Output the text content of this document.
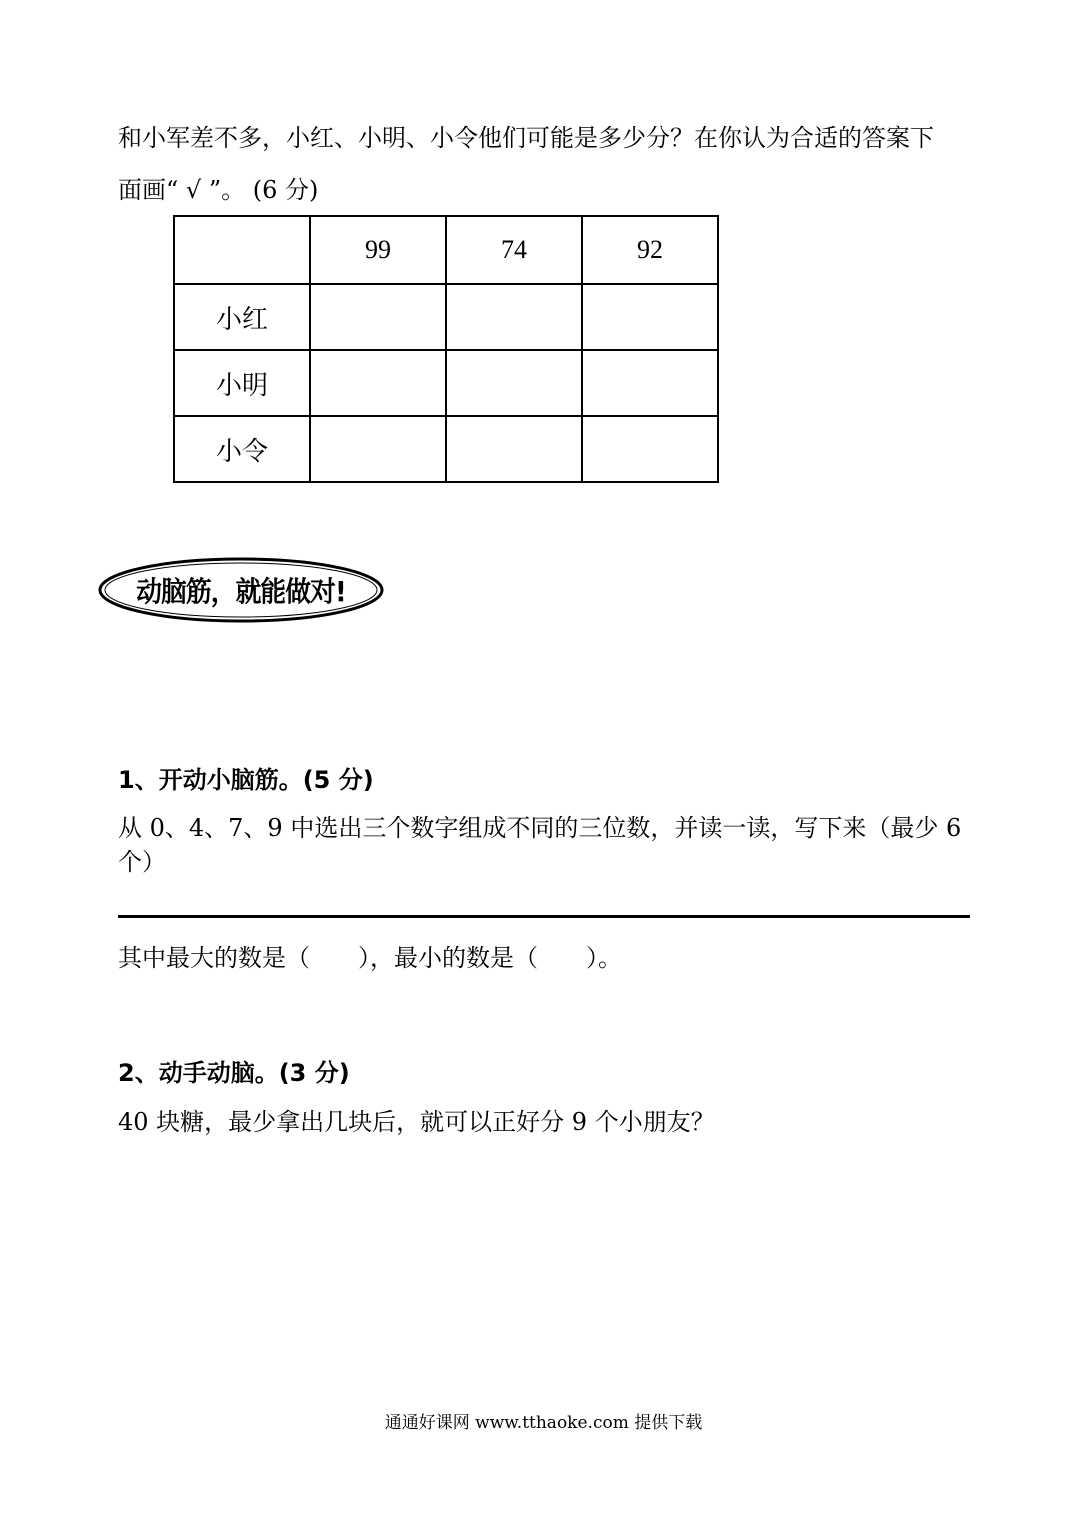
和小军差不多，小红、小明、小令他们可能是多少分？在你认为合适的答案下
面画“ √ ”。 (6 分)
	99	74	92
小红			
小明			
小令			
动脑筋，就能做对!
1、开动小脑筋。(5 分)
从 0、4、7、9 中选出三个数字组成不同的三位数，并读一读，写下来（最少 6
个）
其中最大的数是（　　），最小的数是（　　）。
2、动手动脑。(3 分)
40 块糖，最少拿出几块后，就可以正好分 9 个小朋友？
通通好课网 www.tthaoke.com 提供下载
